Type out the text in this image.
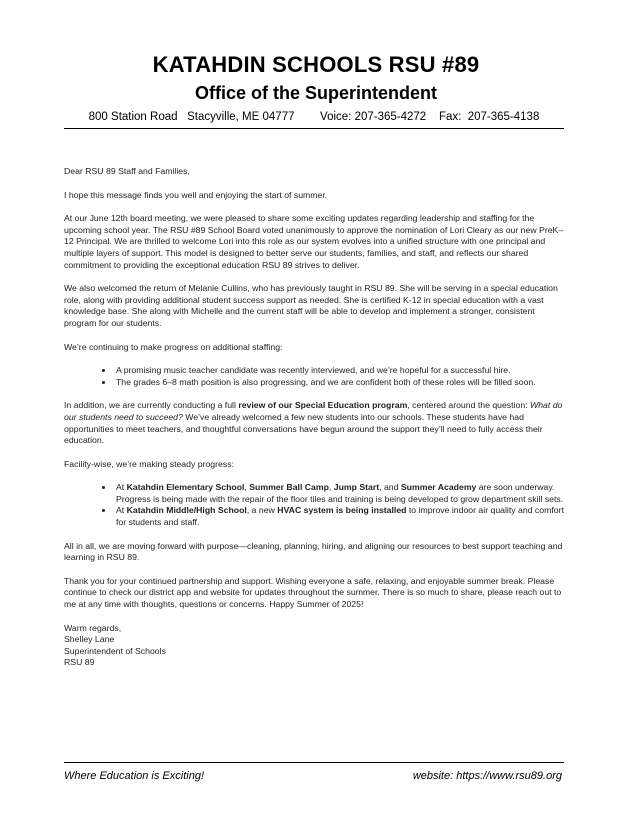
KATAHDIN SCHOOLS RSU #89
Office of the Superintendent
800 Station Road   Stacyville, ME 04777        Voice: 207-365-4272    Fax:  207-365-4138

Dear RSU 89 Staff and Families,

I hope this message finds you well and enjoying the start of summer.

At our June 12th board meeting, we were pleased to share some exciting updates regarding leadership and staffing for the upcoming school year. The RSU #89 School Board voted unanimously to approve the nomination of Lori Cleary as our new PreK–12 Principal. We are thrilled to welcome Lori into this role as our system evolves into a unified structure with one principal and multiple layers of support. This model is designed to better serve our students, families, and staff, and reflects our shared commitment to providing the exceptional education RSU 89 strives to deliver.

We also welcomed the return of Melanie Cullins, who has previously taught in RSU 89. She will be serving in a special education role, along with providing additional student success support as needed. She is certified K-12 in special education with a vast knowledge base. She along with Michelle and the current staff will be able to develop and implement a stronger, consistent program for our students.

We’re continuing to make progress on additional staffing:

• A promising music teacher candidate was recently interviewed, and we’re hopeful for a successful hire.
• The grades 6–8 math position is also progressing, and we are confident both of these roles will be filled soon.

In addition, we are currently conducting a full review of our Special Education program, centered around the question: What do our students need to succeed? We’ve already welcomed a few new students into our schools. These students have had opportunities to meet teachers, and thoughtful conversations have begun around the support they’ll need to fully access their education.

Facility-wise, we’re making steady progress:

• At Katahdin Elementary School, Summer Ball Camp, Jump Start, and Summer Academy are soon underway. Progress is being made with the repair of the floor tiles and training is being developed to grow department skill sets.
• At Katahdin Middle/High School, a new HVAC system is being installed to improve indoor air quality and comfort for students and staff.

All in all, we are moving forward with purpose—cleaning, planning, hiring, and aligning our resources to best support teaching and learning in RSU 89.

Thank you for your continued partnership and support. Wishing everyone a safe, relaxing, and enjoyable summer break. Please continue to check our district app and website for updates throughout the summer. There is so much to share, please reach out to me at any time with thoughts, questions or concerns. Happy Summer of 2025!

Warm regards,

Shelley Lane

Superintendent of Schools

RSU 89

Where Education is Exciting!	website: https://www.rsu89.org
